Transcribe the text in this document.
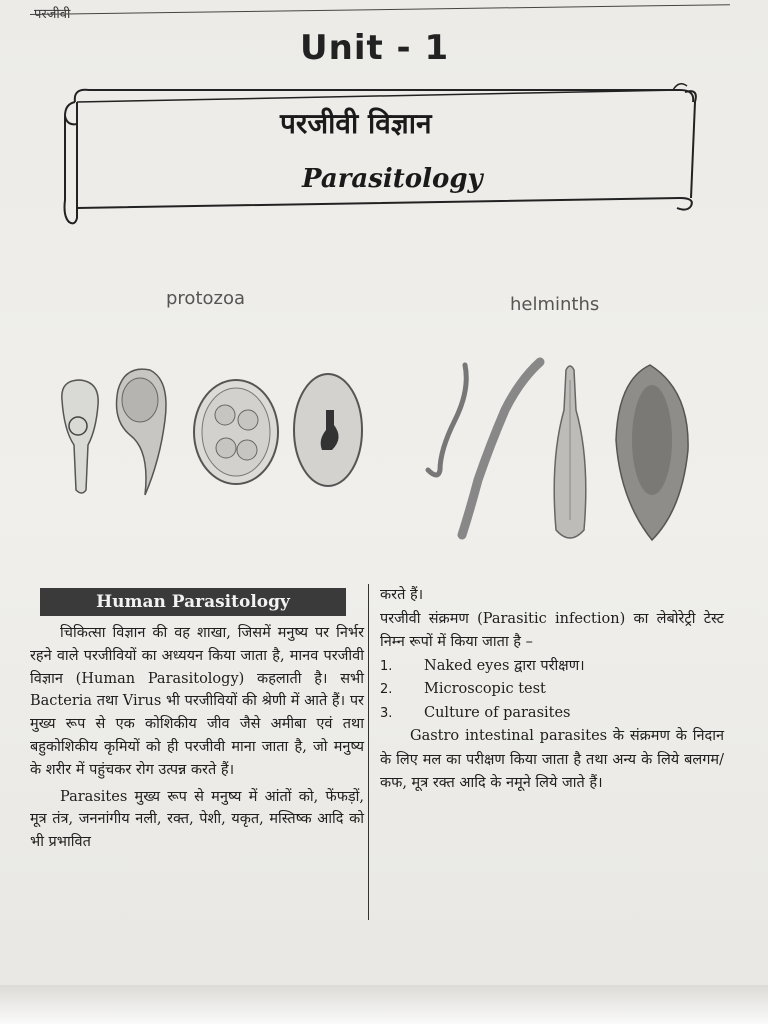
परजीवी
Unit - 1
परजीवी विज्ञान
Parasitology
protozoa	helminths
Human Parasitology

चिकित्सा विज्ञान की वह शाखा, जिसमें मनुष्य पर निर्भर रहने वाले परजीवियों का अध्ययन किया जाता है, मानव परजीवी विज्ञान (Human Parasitology) कहलाती है। सभी Bacteria तथा Virus भी परजीवियों की श्रेणी में आते हैं। पर मुख्य रूप से एक कोशिकीय जीव जैसे अमीबा एवं तथा बहुकोशिकीय कृमियों को ही परजीवी माना जाता है, जो मनुष्य के शरीर में पहुंचकर रोग उत्पन्न करते हैं।

Parasites मुख्य रूप से मनुष्य में आंतों को, फेंफड़ों, मूत्र तंत्र, जननांगीय नली, रक्त, पेशी, यकृत, मस्तिष्क आदि को भी प्रभावित

करते हैं।

परजीवी संक्रमण (Parasitic infection) का लेबोरेट्री टेस्ट निम्न रूपों में किया जाता है –

1.	Naked eyes द्वारा परीक्षण।
2.	Microscopic test
3.	Culture of parasites

Gastro intestinal parasites के संक्रमण के निदान के लिए मल का परीक्षण किया जाता है तथा अन्य के लिये बलगम/कफ, मूत्र रक्त आदि के नमूने लिये जाते हैं।
